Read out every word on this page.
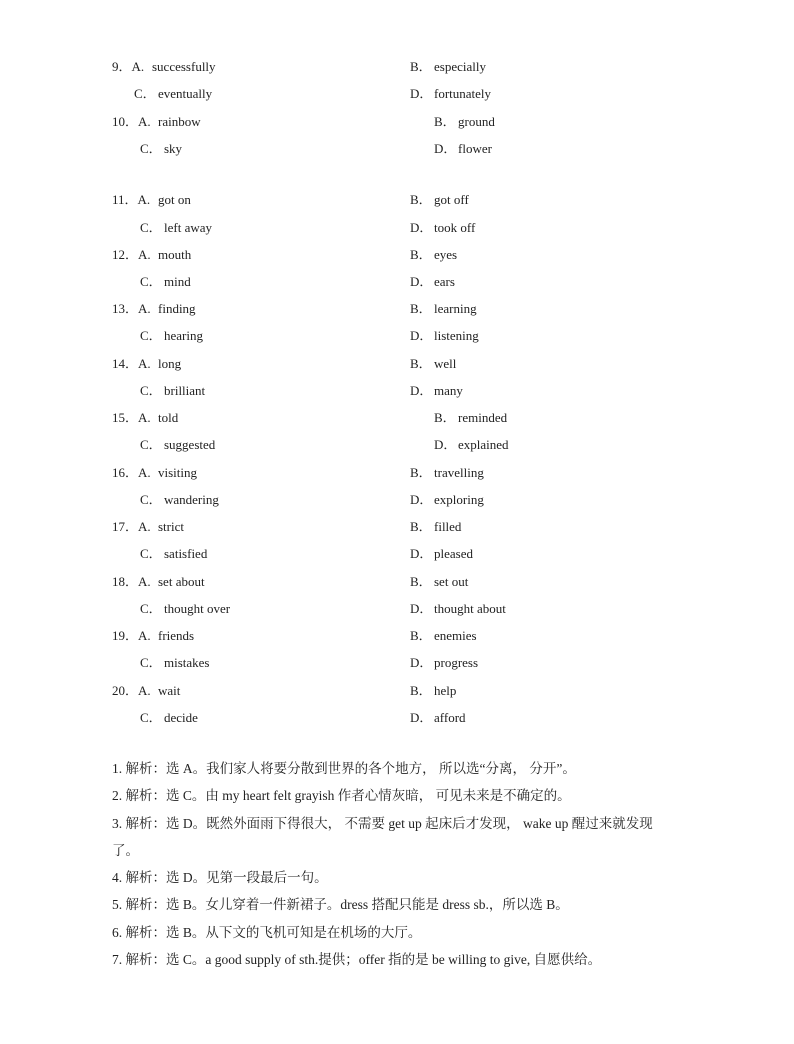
9．A. successfully	B． especially
C． eventually	D． fortunately
10．A. rainbow	B． ground
C． sky	D． flower
11．A. got on	B． got off
C． left away	D． took off
12．A. mouth	B． eyes
C． mind	D． ears
13．A. finding	B． learning
C． hearing	D． listening
14．A. long	B． well
C． brilliant	D． many
15．A. told	B． reminded
C． suggested	D． explained
16．A. visiting	B． travelling
C． wandering	D． exploring
17．A. strict	B． filled
C． satisfied	D． pleased
18．A. set about	B． set out
C． thought over	D． thought about
19．A. friends	B． enemies
C． mistakes	D． progress
20．A. wait	B． help
C． decide	D． afford
1. 解析：选 A。我们家人将要分散到世界的各个地方， 所以选“分离， 分开”。
2. 解析：选 C。由 my heart felt grayish 作者心情灰暗， 可见未来是不确定的。
3. 解析：选 D。既然外面雨下得很大， 不需要 get up 起床后才发现， wake up 醒过来就发现
了。
4. 解析：选 D。见第一段最后一句。
5. 解析：选 B。女儿穿着一件新裙子。dress 搭配只能是 dress sb.，所以选 B。
6. 解析：选 B。从下文的飞机可知是在机场的大厅。
7. 解析：选 C。a good supply of sth.提供；offer 指的是 be willing to give, 自愿供给。
